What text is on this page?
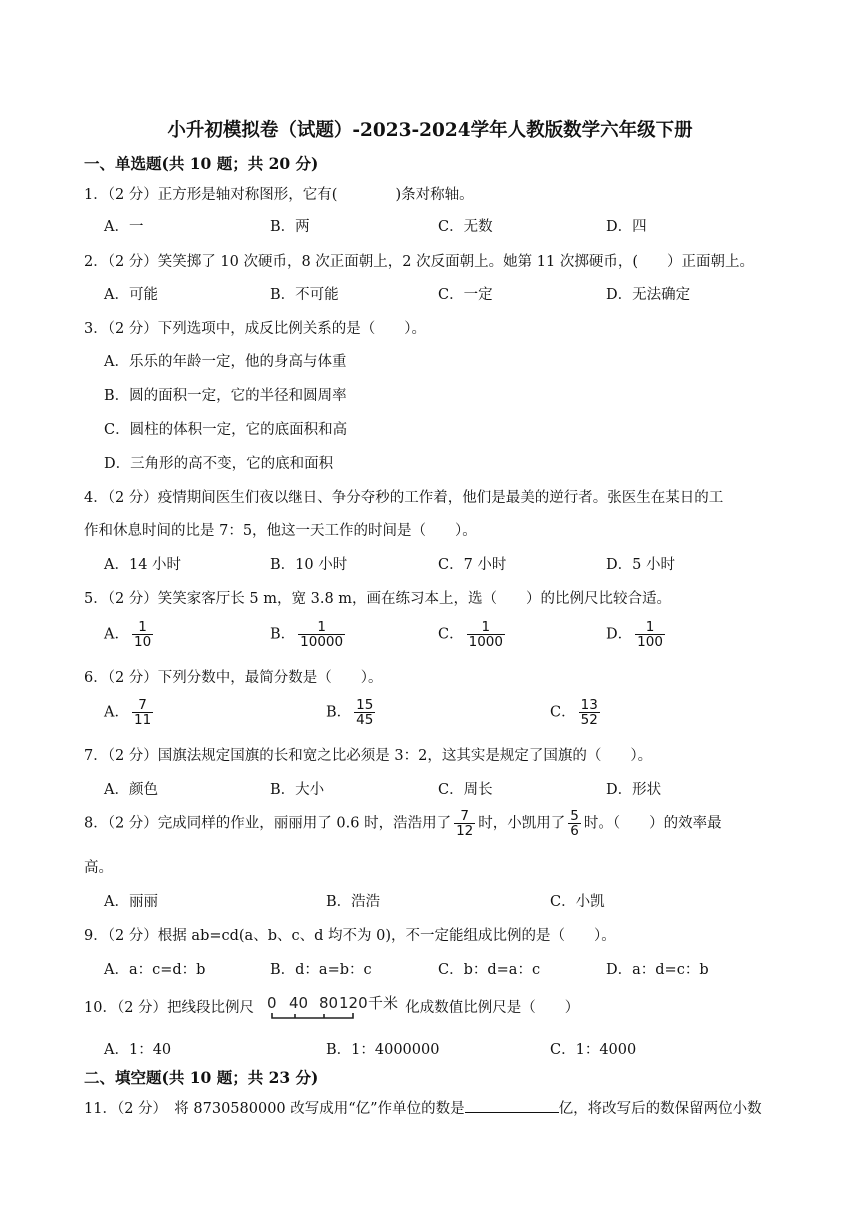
小升初模拟卷（试题）-2023-2024学年人教版数学六年级下册
一、单选题(共 10 题；共 20 分)
1．（2 分）正方形是轴对称图形，它有(　　　　)条对称轴。
A．一	B．两	C．无数	D．四
2．（2 分）笑笑掷了 10 次硬币，8 次正面朝上，2 次反面朝上。她第 11 次掷硬币，(　　）正面朝上。
A．可能	B．不可能	C．一定	D．无法确定
3．（2 分）下列选项中，成反比例关系的是（　　）。
A．乐乐的年龄一定，他的身高与体重
B．圆的面积一定，它的半径和圆周率
C．圆柱的体积一定，它的底面积和高
D．三角形的高不变，它的底和面积
4．（2 分）疫情期间医生们夜以继日、争分夺秒的工作着，他们是最美的逆行者。张医生在某日的工
作和休息时间的比是 7：5，他这一天工作的时间是（　　）。
A．14 小时	B．10 小时	C．7 小时	D．5 小时
5．（2 分）笑笑家客厅长 5 m，宽 3.8 m，画在练习本上，选（　　）的比例尺比较合适。
A． $\frac{1}{10}$	B． $\frac{1}{10000}$	C． $\frac{1}{1000}$	D． $\frac{1}{100}$
6．（2 分）下列分数中，最简分数是（　　）。
A． $\frac{7}{11}$	B． $\frac{15}{45}$	C． $\frac{13}{52}$
7．（2 分）国旗法规定国旗的长和宽之比必须是 3：2，这其实是规定了国旗的（　　）。
A．颜色	B．大小	C．周长	D．形状
8．（2 分）完成同样的作业，丽丽用了 0.6 时，浩浩用了 $\frac{7}{12}$ 时，小凯用了 $\frac{5}{6}$ 时。（　　）的效率最
高。
A．丽丽	B．浩浩	C．小凯
9．（2 分）根据 ab=cd(a、b、c、d 均不为 0)，不一定能组成比例的是（　　）。
A．a：c=d：b	B．d：a=b：c	C．b：d=a：c	D．a：d=c：b
10．（2 分）把线段比例尺 0 40 80 120 千米 化成数值比例尺是（　　）
A．1：40	B．1：4000000	C．1：4000
二、填空题(共 10 题；共 23 分)
11．（2 分）　将 8730580000 改写成用“亿”作单位的数是	亿，将改写后的数保留两位小数
